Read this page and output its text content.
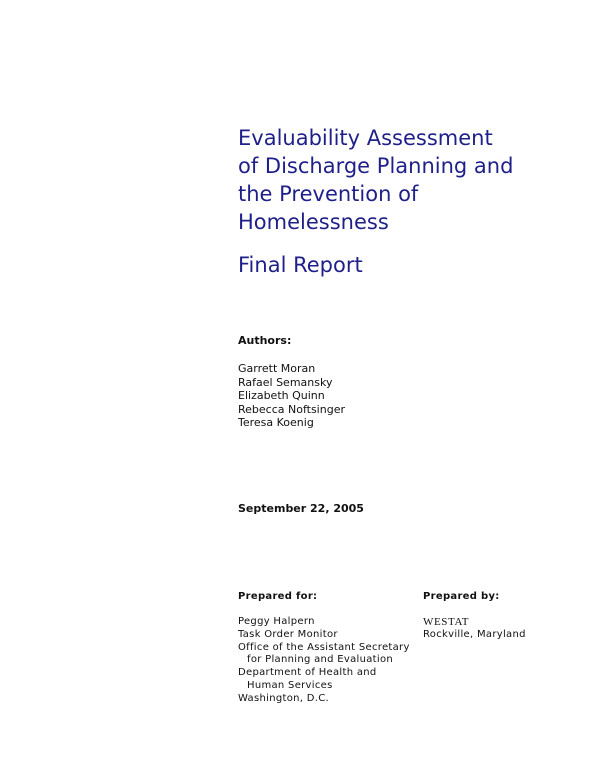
Evaluability Assessment
of Discharge Planning and
the Prevention of
Homelessness
Final Report
Authors:
Garrett Moran
Rafael Semansky
Elizabeth Quinn
Rebecca Noftsinger
Teresa Koenig
September 22, 2005
Prepared for:
Peggy Halpern
Task Order Monitor
Office of the Assistant Secretary
for Planning and Evaluation
Department of Health and
Human Services
Washington, D.C.
Prepared by:
WESTAT
Rockville, Maryland
